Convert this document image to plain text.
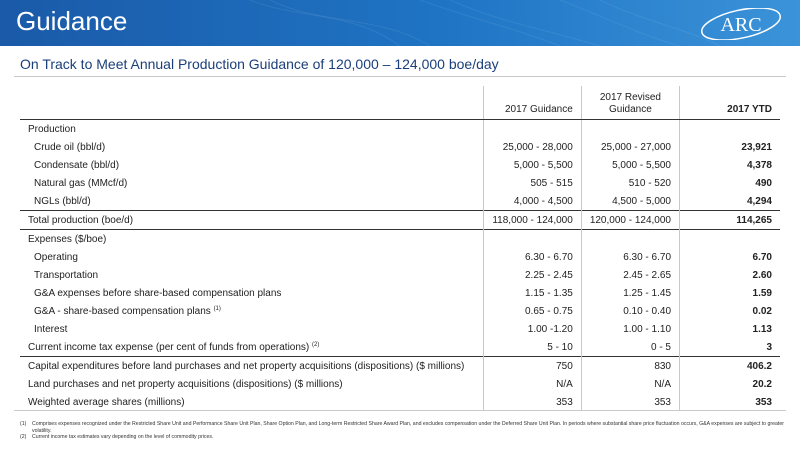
Guidance	ARC
On Track to Meet Annual Production Guidance of 120,000 – 124,000 boe/day
	2017 Guidance	2017 Revised Guidance	2017 YTD
Production			
Crude oil (bbl/d)	25,000 - 28,000	25,000 - 27,000	23,921
Condensate (bbl/d)	5,000 - 5,500	5,000 - 5,500	4,378
Natural gas (MMcf/d)	505 - 515	510 - 520	490
NGLs (bbl/d)	4,000 - 4,500	4,500 - 5,000	4,294
Total production (boe/d)	118,000 - 124,000	120,000 - 124,000	114,265
Expenses ($/boe)			
Operating	6.30 - 6.70	6.30 - 6.70	6.70
Transportation	2.25 - 2.45	2.45 - 2.65	2.60
G&A expenses before share-based compensation plans	1.15 - 1.35	1.25 - 1.45	1.59
G&A - share-based compensation plans $^{(1)}$	0.65 - 0.75	0.10 - 0.40	0.02
Interest	1.00 -1.20	1.00 - 1.10	1.13
Current income tax expense (per cent of funds from operations) $^{(2)}$	5 - 10	0 - 5	3
Capital expenditures before land purchases and net property acquisitions (dispositions) ($ millions)	750	830	406.2
Land purchases and net property acquisitions (dispositions) ($ millions)	N/A	N/A	20.2
Weighted average shares (millions)	353	353	353
(1)	Comprises expenses recognized under the Restricted Share Unit and Performance Share Unit Plan, Share Option Plan, and Long-term Restricted Share Award Plan, and excludes compensation under the Deferred Share Unit Plan. In periods where substantial share price fluctuation occurs, G&A expenses are subject to greater volatility.
(2)	Current income tax estimates vary depending on the level of commodity prices.
